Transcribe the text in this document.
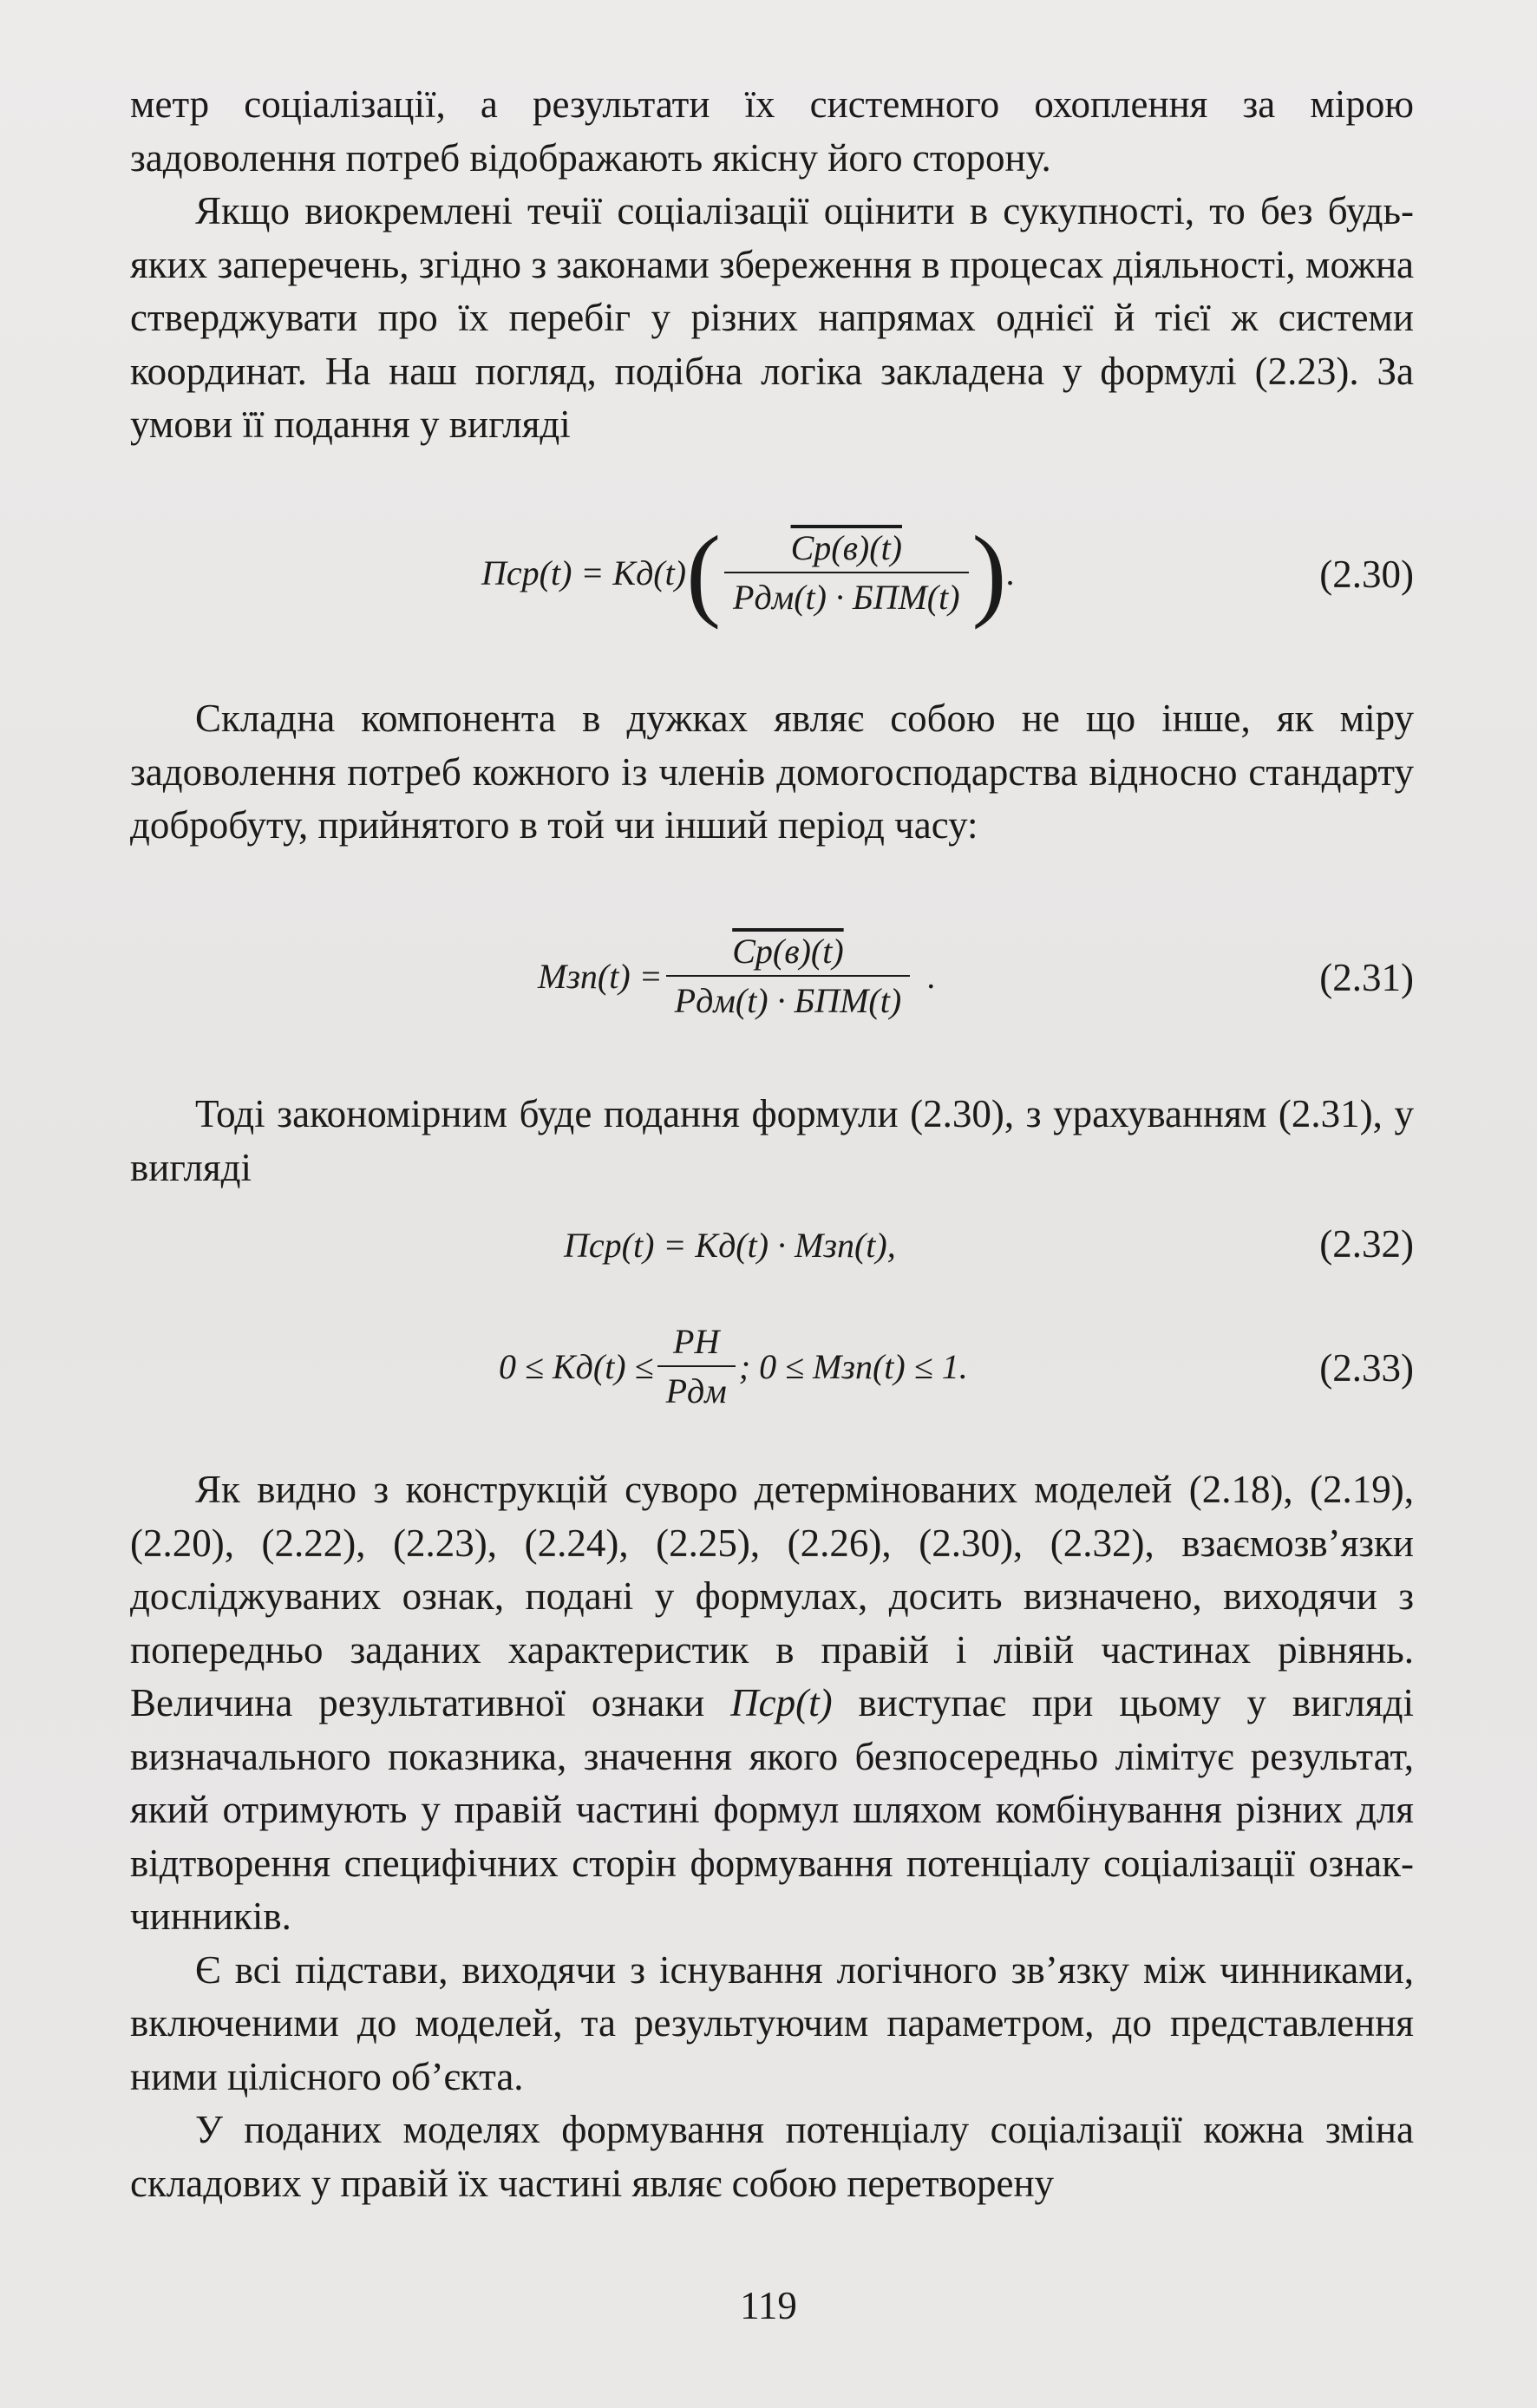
метр соціалізації, а результати їх системного охоплення за мірою задоволення потреб відображають якісну його сторону.

Якщо виокремлені течії соціалізації оцінити в сукупності, то без будь-яких заперечень, згідно з законами збереження в процесах діяльності, можна стверджувати про їх перебіг у різних напрямах однієї й тієї ж системи координат. На наш погляд, подібна логіка закладена у формулі (2.23). За умови її подання у вигляді

Пср(t) = Kд(t) ( $\frac{Cр(в)(t)}{\text{Pдм(t) · БПМ(t)}}$ ) .	(2.30)

Складна компонента в дужках являє собою не що інше, як міру задоволення потреб кожного із членів домогосподарства відносно стандарту добробуту, прийнятого в той чи інший період часу:

$Mзп(t) = \frac{Cр(в)(t)}{\text{Pдм(t) · БПМ(t)}}$ .	(2.31)

Тоді закономірним буде подання формули (2.30), з урахуванням (2.31), у вигляді

Пср(t) = Kд(t) · Mзп(t),	(2.32)
$0 \le Kд(t) \le \frac{PН}{\text{Pдм}}$ ; 0 ≤ Mзп(t) ≤ 1.	(2.33)

Як видно з конструкцій суворо детермінованих моделей (2.18), (2.19), (2.20), (2.22), (2.23), (2.24), (2.25), (2.26), (2.30), (2.32), взаємозв’язки досліджуваних ознак, подані у формулах, досить визначено, виходячи з попередньо заданих характеристик в правій і лівій частинах рівнянь. Величина результативної ознаки Пср(t) виступає при цьому у вигляді визначального показника, значення якого безпосередньо лімітує результат, який отримують у правій частині формул шляхом комбінування різних для відтворення специфічних сторін формування потенціалу соціалізації ознак-чинників.

Є всі підстави, виходячи з існування логічного зв’язку між чинниками, включеними до моделей, та результуючим параметром, до представлення ними цілісного об’єкта.

У поданих моделях формування потенціалу соціалізації кожна зміна складових у правій їх частині являє собою перетворену

119
